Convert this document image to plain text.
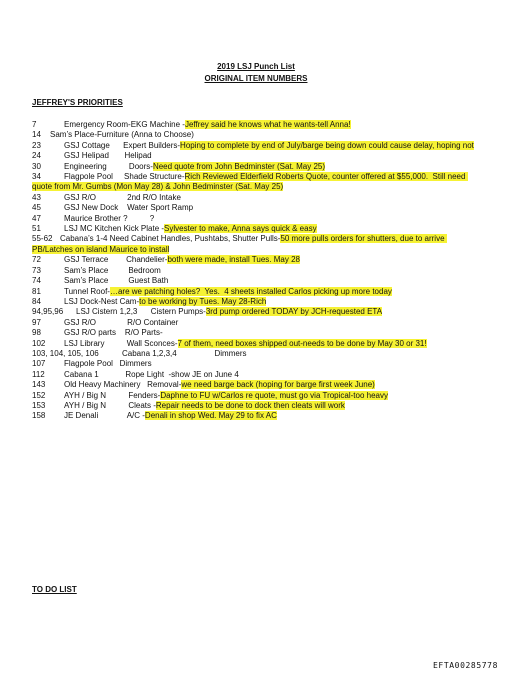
2019 LSJ Punch List
ORIGINAL ITEM NUMBERS
JEFFREY'S PRIORITIES
7	Emergency Room-EKG Machine -Jeffrey said he knows what he wants-tell Anna!
14	Sam’s Place-Furniture (Anna to Choose)
23	GSJ Cottage      Expert Builders-Hoping to complete by end of July/barge being down could cause delay, hoping not
24	GSJ Helipad       Helipad
30	Engineering          Doors-Need quote from John Bedminster (Sat. May 25)
34	Flagpole Pool     Shade Structure-Rich Reviewed Elderfield Roberts Quote, counter offered at $55,000.  Still need quote from Mr. Gumbs (Mon May 28) & John Bedminster (Sat. May 25)
43	GSJ R/O              2nd R/O Intake
45	GSJ New Dock    Water Sport Ramp
47	Maurice Brother ?          ?
51	LSJ MC Kitchen Kick Plate -Sylvester to make, Anna says quick & easy
55-62 Cabana’s 1-4 Need Cabinet Handles, Pushtabs, Shutter Pulls-50 more pulls orders for shutters, due to arrive PB/Latches on island Maurice to install
72	GSJ Terrace        Chandelier-both were made, install Tues. May 28
73	Sam’s Place         Bedroom
74	Sam’s Place         Guest Bath
81	Tunnel Roof-…are we patching holes?  Yes.  4 sheets installed Carlos picking up more today
84	LSJ Dock-Nest Cam-to be working by Tues. May 28-Rich
94,95,96	LSJ Cistern 1,2,3      Cistern Pumps-3rd pump ordered TODAY by JCH-requested ETA
97	GSJ R/O              R/O Container
98	GSJ R/O parts    R/O Parts-
102	LSJ Library          Wall Sconces-7 of them, need boxes shipped out-needs to be done by May 30 or 31!
103, 104, 105, 106	Cabana 1,2,3,4                 Dimmers
107	Flagpole Pool   Dimmers
112	Cabana 1            Rope Light  -show JE on June 4
143	Old Heavy Machinery   Removal-we need barge back (hoping for barge first week June)
152	AYH / Big N          Fenders-Daphne to FU w/Carlos re quote, must go via Tropical-too heavy
153	AYH / Big N          Cleats -Repair needs to be done to dock then cleats will work
158	JE Denali             A/C -Denali in shop Wed. May 29 to fix AC
TO DO LIST
EFTA00285778
